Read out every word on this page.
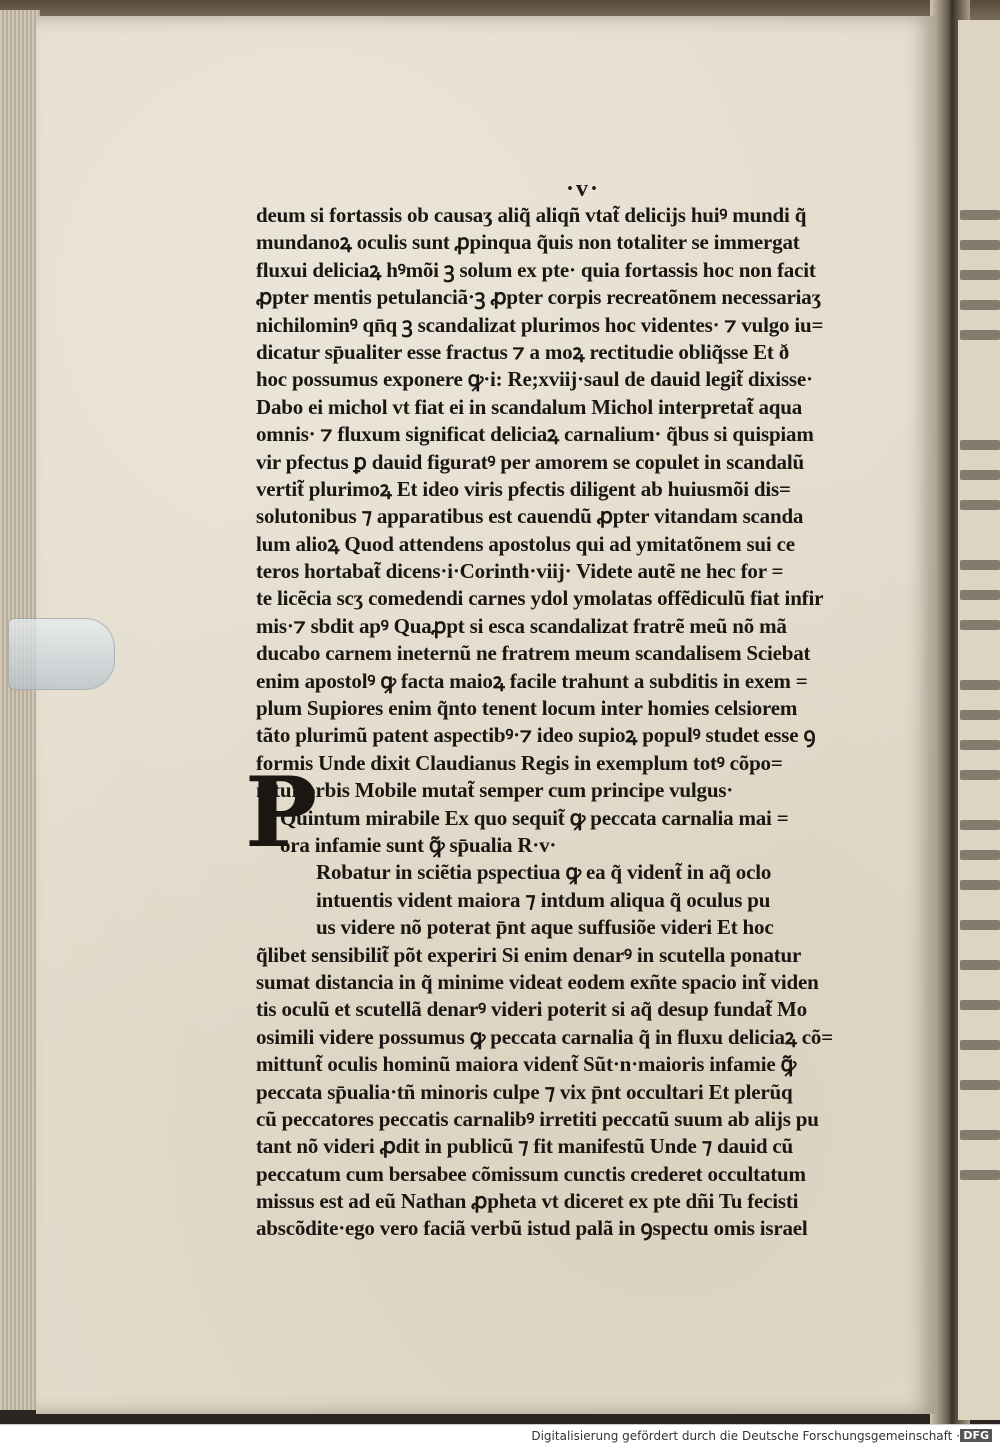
·v·
deum si fortassis ob causaʒ aliq̃ aliqñ vtat̃ delicijs huiꝰ mundi q̃
mundanoꝝ oculis sunt ꝓpinqua q̃uis non totaliter se immergat
fluxui deliciaꝝ hꝰmõi ꝫ solum ex pte· quia fortassis hoc non facit
ꝓpter mentis petulanciã·ꝫ ꝓpter corpis recreatõnem necessariaʒ
nichilominꝰ qn̄q ꝫ scandalizat plurimos hoc videntes· ⁊ vulgo iu=
dicatur sp̄ualiter esse fractus ⁊ a moꝝ rectitudie obliq̃sse Et ð
hoc possumus exponere ꝙ·i: Re;xviij·saul de dauid legit̃ dixisse·
Dabo ei michol vt fiat ei in scandalum Michol interpretat̃ aqua
omnis· ⁊ fluxum significat deliciaꝝ carnalium· q̃bus si quispiam
vir pfectus ꝑ dauid figuratꝰ per amorem se copulet in scandalũ
vertit̃ plurimoꝝ Et ideo viris pfectis diligent ab huiusmõi dis=
solutonibus ⁊ apparatibus est cauendũ ꝓpter vitandam scanda
lum alioꝝ Quod attendens apostolus qui ad ymitatõnem sui ce
teros hortabat̃ dicens·i·Corinth·viij· Videte autẽ ne hec for =
te licẽcia scʒ comedendi carnes ydol ymolatas offẽdiculũ fiat infir
mis·⁊ sbdit apꝰ Quaꝓpt si esca scandalizat fratrẽ meũ nõ mã
ducabo carnem ineternũ ne fratrem meum scandalisem Sciebat
enim apostolꝰ ꝙ facta maioꝝ facile trahunt a subditis in exem =
plum Supiores enim q̃nto tenent locum inter homies celsiorem
tãto plurimũ patent aspectibꝰ·⁊ ideo supioꝝ populꝰ studet esse ꝯ
formis Unde dixit Claudianus Regis in exemplum totꝰ cõpo=
nitur orbis Mobile mutat̃ semper cum principe vulgus·
Quintum mirabile Ex quo sequit̃ ꝙ peccata carnalia mai =
ora infamie sunt ꝙ̃ sp̄ualia R·v·
Robatur in sciẽtia pspectiua ꝙ ea q̃ vident̃ in aq̃ oclo
intuentis vident maiora ⁊ intdum aliqua q̃ oculus pu
us videre nõ poterat p̄nt aque suffusiõe videri Et hoc
q̃libet sensibilit̃ põt experiri Si enim denarꝰ in scutella ponatur
sumat distancia in q̃ minime videat eodem exñte spacio int̃ viden
tis oculũ et scutellã denarꝰ videri poterit si aq̃ desup fundat̃ Mo
osimili videre possumus ꝙ peccata carnalia q̃ in fluxu deliciaꝝ cõ=
mittunt̃ oculis hominũ maiora vident̃ Sũt·n·maioris infamie ꝙ̃
peccata sp̄ualia·tñ minoris culpe ⁊ vix p̄nt occultari Et plerũq
cũ peccatores peccatis carnalibꝰ irretiti peccatũ suum ab alijs pu
tant nõ videri ꝓdit in publicũ ⁊ fit manifestũ Unde ⁊ dauid cũ
peccatum cum bersabee cõmissum cunctis crederet occultatum
missus est ad eũ Nathan ꝓpheta vt diceret ex pte dñi Tu fecisti
abscõdite·ego vero faciã verbũ istud palã in ꝯspectu omis israel
P
Digitalisierung gefördert durch die Deutsche Forschungsgemeinschaft · DFG
